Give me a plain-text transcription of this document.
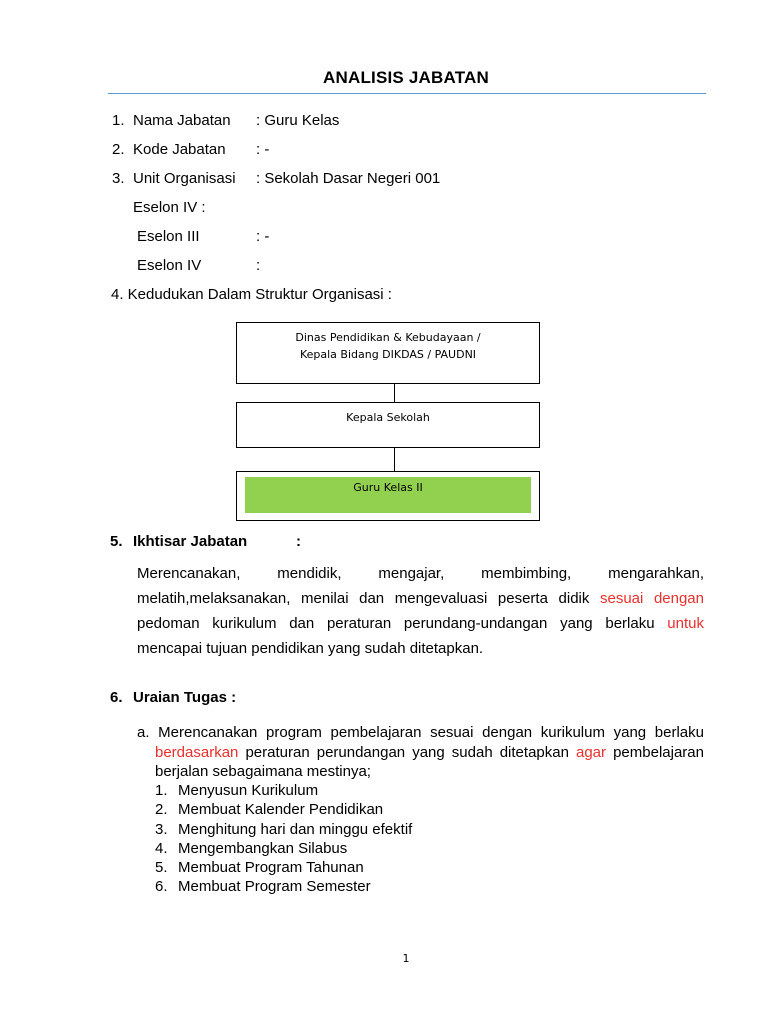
ANALISIS JABATAN
1. Nama Jabatan : Guru Kelas
2. Kode Jabatan : -
3. Unit Organisasi : Sekolah Dasar Negeri 001
Eselon IV :
Eselon III	: -
Eselon IV	:
4. Kedudukan Dalam Struktur Organisasi :
Dinas Pendidikan & Kebudayaan /
Kepala Bidang DIKDAS / PAUDNI
Kepala Sekolah
Guru Kelas II
5. Ikhtisar Jabatan	:
Merencanakan, mendidik, mengajar, membimbing, mengarahkan,
melatih,melaksanakan, menilai dan mengevaluasi peserta didik sesuai dengan
pedoman kurikulum dan peraturan perundang-undangan yang berlaku untuk
mencapai tujuan pendidikan yang sudah ditetapkan.
6. Uraian Tugas :
a. Merencanakan program pembelajaran sesuai dengan kurikulum yang berlaku
berdasarkan peraturan perundangan yang sudah ditetapkan agar pembelajaran
berjalan sebagaimana mestinya;
1. Menyusun Kurikulum
2. Membuat Kalender Pendidikan
3. Menghitung hari dan minggu efektif
4. Mengembangkan Silabus
5. Membuat Program Tahunan
6. Membuat Program Semester
1
